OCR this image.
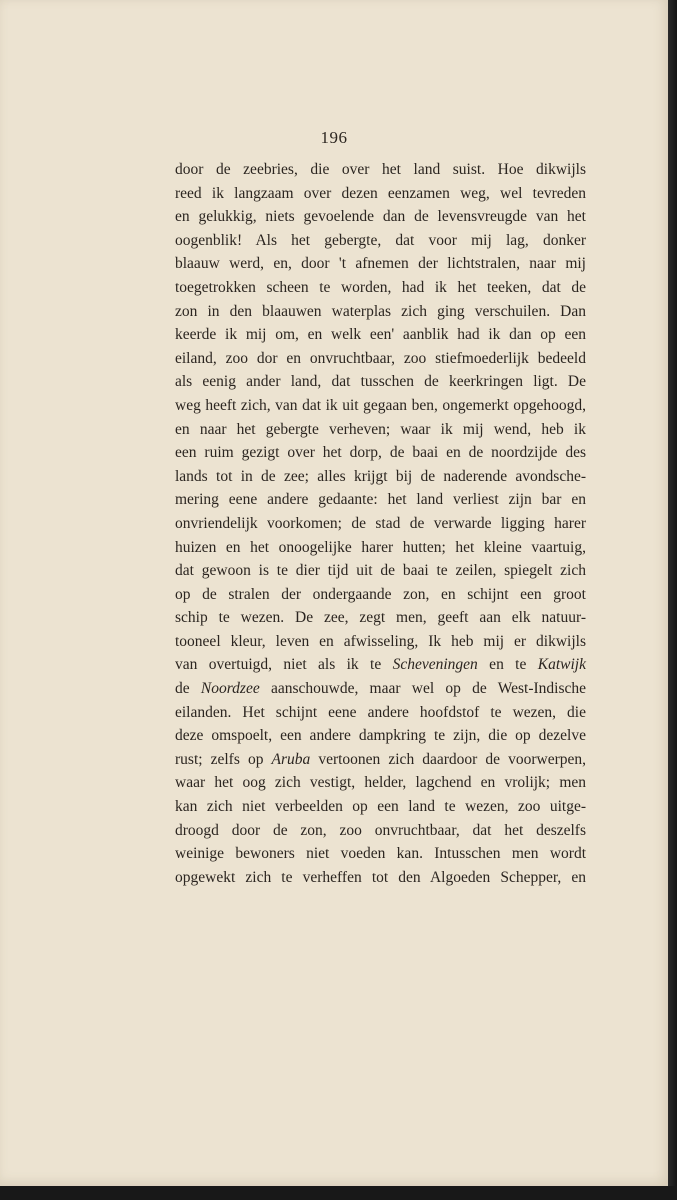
196
door de zeebries, die over het land suist. Hoe dikwijls
reed ik langzaam over dezen eenzamen weg, wel tevreden
en gelukkig, niets gevoelende dan de levensvreugde van het
oogenblik! Als het gebergte, dat voor mij lag, donker
blaauw werd, en, door 't afnemen der lichtstralen, naar mij
toegetrokken scheen te worden, had ik het teeken, dat de
zon in den blaauwen waterplas zich ging verschuilen. Dan
keerde ik mij om, en welk een' aanblik had ik dan op een
eiland, zoo dor en onvruchtbaar, zoo stiefmoederlijk bedeeld
als eenig ander land, dat tusschen de keerkringen ligt. De
weg heeft zich, van dat ik uit gegaan ben, ongemerkt opgehoogd,
en naar het gebergte verheven; waar ik mij wend, heb ik
een ruim gezigt over het dorp, de baai en de noordzijde des
lands tot in de zee; alles krijgt bij de naderende avondsche-
mering eene andere gedaante: het land verliest zijn bar en
onvriendelijk voorkomen; de stad de verwarde ligging harer
huizen en het onoogelijke harer hutten; het kleine vaartuig,
dat gewoon is te dier tijd uit de baai te zeilen, spiegelt zich
op de stralen der ondergaande zon, en schijnt een groot
schip te wezen. De zee, zegt men, geeft aan elk natuur-
tooneel kleur, leven en afwisseling, Ik heb mij er dikwijls
van overtuigd, niet als ik te Scheveningen en te Katwijk
de Noordzee aanschouwde, maar wel op de West-Indische
eilanden. Het schijnt eene andere hoofdstof te wezen, die
deze omspoelt, een andere dampkring te zijn, die op dezelve
rust; zelfs op Aruba vertoonen zich daardoor de voorwerpen,
waar het oog zich vestigt, helder, lagchend en vrolijk; men
kan zich niet verbeelden op een land te wezen, zoo uitge-
droogd door de zon, zoo onvruchtbaar, dat het deszelfs
weinige bewoners niet voeden kan. Intusschen men wordt
opgewekt zich te verheffen tot den Algoeden Schepper, en
